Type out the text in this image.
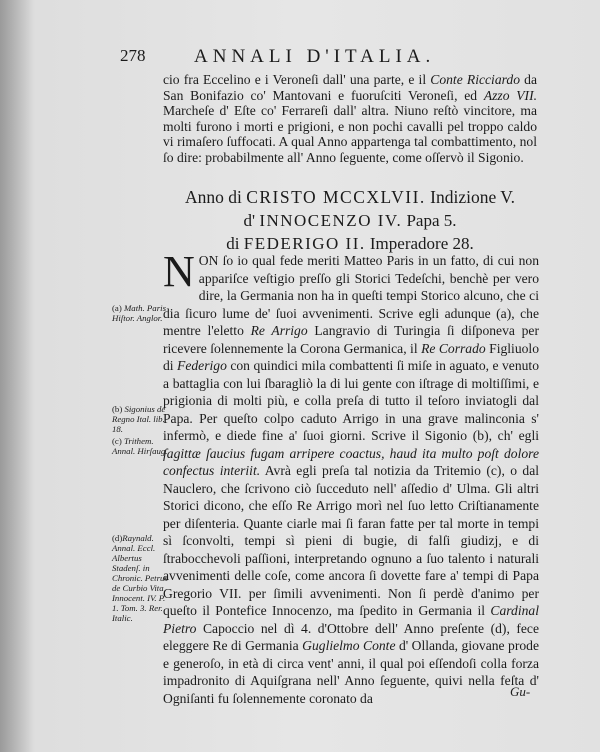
278	ANNALI D'ITALIA.

cio fra Eccelino e i Veroneſi dall' una parte, e il Conte Ricciardo da San Bonifazio co' Mantovani e fuoruſciti Veroneſi, ed Azzo VII. Marcheſe d' Eſte co' Ferrareſi dall' altra. Niuno reſtò vincitore, ma molti furono i morti e prigioni, e non pochi cavalli pel troppo caldo vi rimaſero ſuffocati. A qual Anno appartenga tal combattimento, nol ſo dire: probabilmente all' Anno ſeguente, come oſſervò il Sigonio.

Anno di CRISTO MCCXLVII. Indizione V.
d' INNOCENZO IV. Papa 5.
di FEDERIGO II. Imperadore 28.

NON ſo io qual fede meriti Matteo Paris in un fatto, di cui non appariſce veſtigio preſſo gli Storici Tedeſchi, benchè per vero dire, la Germania non ha in queſti tempi Storico alcuno, che ci dia ſicuro lume de' ſuoi avvenimenti. Scrive egli adunque (a), che mentre l'eletto Re Arrigo Langravio di Turingia ſi diſponeva per ricevere ſolennemente la Corona Germanica, il Re Corrado Figliuolo di Federigo con quindici mila combattenti ſi miſe in aguato, e venuto a battaglia con lui ſbaragliò la di lui gente con iſtrage di moltiſſimi, e prigionia di molti più, e colla preſa di tutto il teſoro inviatogli dal Papa. Per queſto colpo caduto Arrigo in una grave malinconia s' infermò, e diede fine a' ſuoi giorni. Scrive il Sigonio (b), ch' egli ſagittæ ſaucius fugam arripere coactus, haud ita multo poſt dolore confectus interiit. Avrà egli preſa tal notizia da Tritemio (c), o dal Nauclero, che ſcrivono ciò ſucceduto nell' aſſedio d' Ulma. Gli altri Storici dicono, che eſſo Re Arrigo morì nel ſuo letto Criſtianamente per diſenteria. Quante ciarle mai ſi faran fatte per tal morte in tempi sì ſconvolti, tempi sì pieni di bugie, di falſi giudizj, e di ſtrabocchevoli paſſioni, interpretando ognuno a ſuo talento i naturali avvenimenti delle coſe, come ancora ſi dovette fare a' tempi di Papa Gregorio VII. per ſimili avvenimenti. Non ſi perdè d'animo per queſto il Pontefice Innocenzo, ma ſpedito in Germania il Cardinal Pietro Capoccio nel dì 4. d'Ottobre dell' Anno preſente (d), fece eleggere Re di Germania Guglielmo Conte d' Ollanda, giovane prode e generoſo, in età di circa vent' anni, il qual poi eſſendoſi colla forza impadronito di Aquiſgrana nell' Anno ſeguente, quivi nella feſta d' Ogniſanti fu ſolennemente coronato da

(a) Math. Paris Hiſtor. Anglor.
(b) Sigonius de Regno Ital. lib. 18.
(c) Trithem. Annal. Hirſaug.
(d)Raynald. Annal. Eccl. Albertus Stadenſ. in Chronic. Petrus de Curbio Vita Innocent. IV. P. 1. Tom. 3. Rer. Italic.
Gu-
